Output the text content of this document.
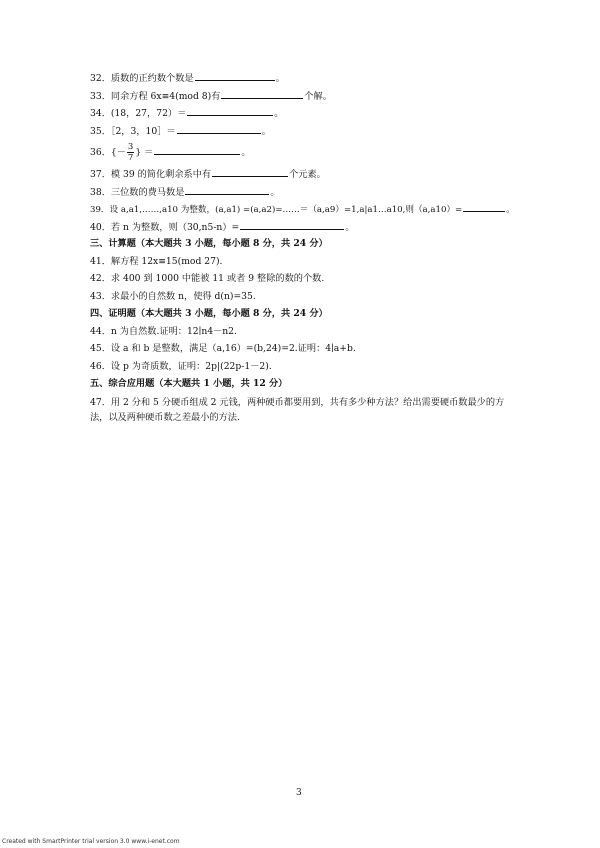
32．质数的正约数个数是	。
33．同余方程 6x≡4(mod 8)有	个解。
34．(18，27，72）＝	。
35．［2，3，10］＝	。
36．{－ $\frac{3}{7}$ } ＝	。
37．模 39 的简化剩余系中有	个元素。
38．三位数的费马数是	。
39．设 a,a1,……,a10 为整数，(a,a1) =(a,a2)=……＝（a,a9）=1,a|a1…a10,则（a,a10）=	。
40．若 n 为整数，则（30,n5-n）=	。
三、计算题（本大题共 3 小题，每小题 8 分，共 24 分）
41．解方程 12x≡15(mod 27).
42．求 400 到 1000 中能被 11 或者 9 整除的数的个数.
43．求最小的自然数 n，使得 d(n)=35.
四、证明题（本大题共 3 小题，每小题 8 分，共 24 分）
44．n 为自然数.证明：12∣n4－n2.
45．设 a 和 b 是整数，满足（a,16）=(b,24)=2.证明：4∣a+b.
46．设 p 为奇质数，证明：2p|(22p-1－2).
五、综合应用题（本大题共 1 小题，共 12 分）
47．用 2 分和 5 分硬币组成 2 元钱，两种硬币都要用到，共有多少种方法？给出需要硬币数最少的方法，以及两种硬币数之差最小的方法.
3
Created with SmartPrinter trial version 3.0 www.i-enet.com
